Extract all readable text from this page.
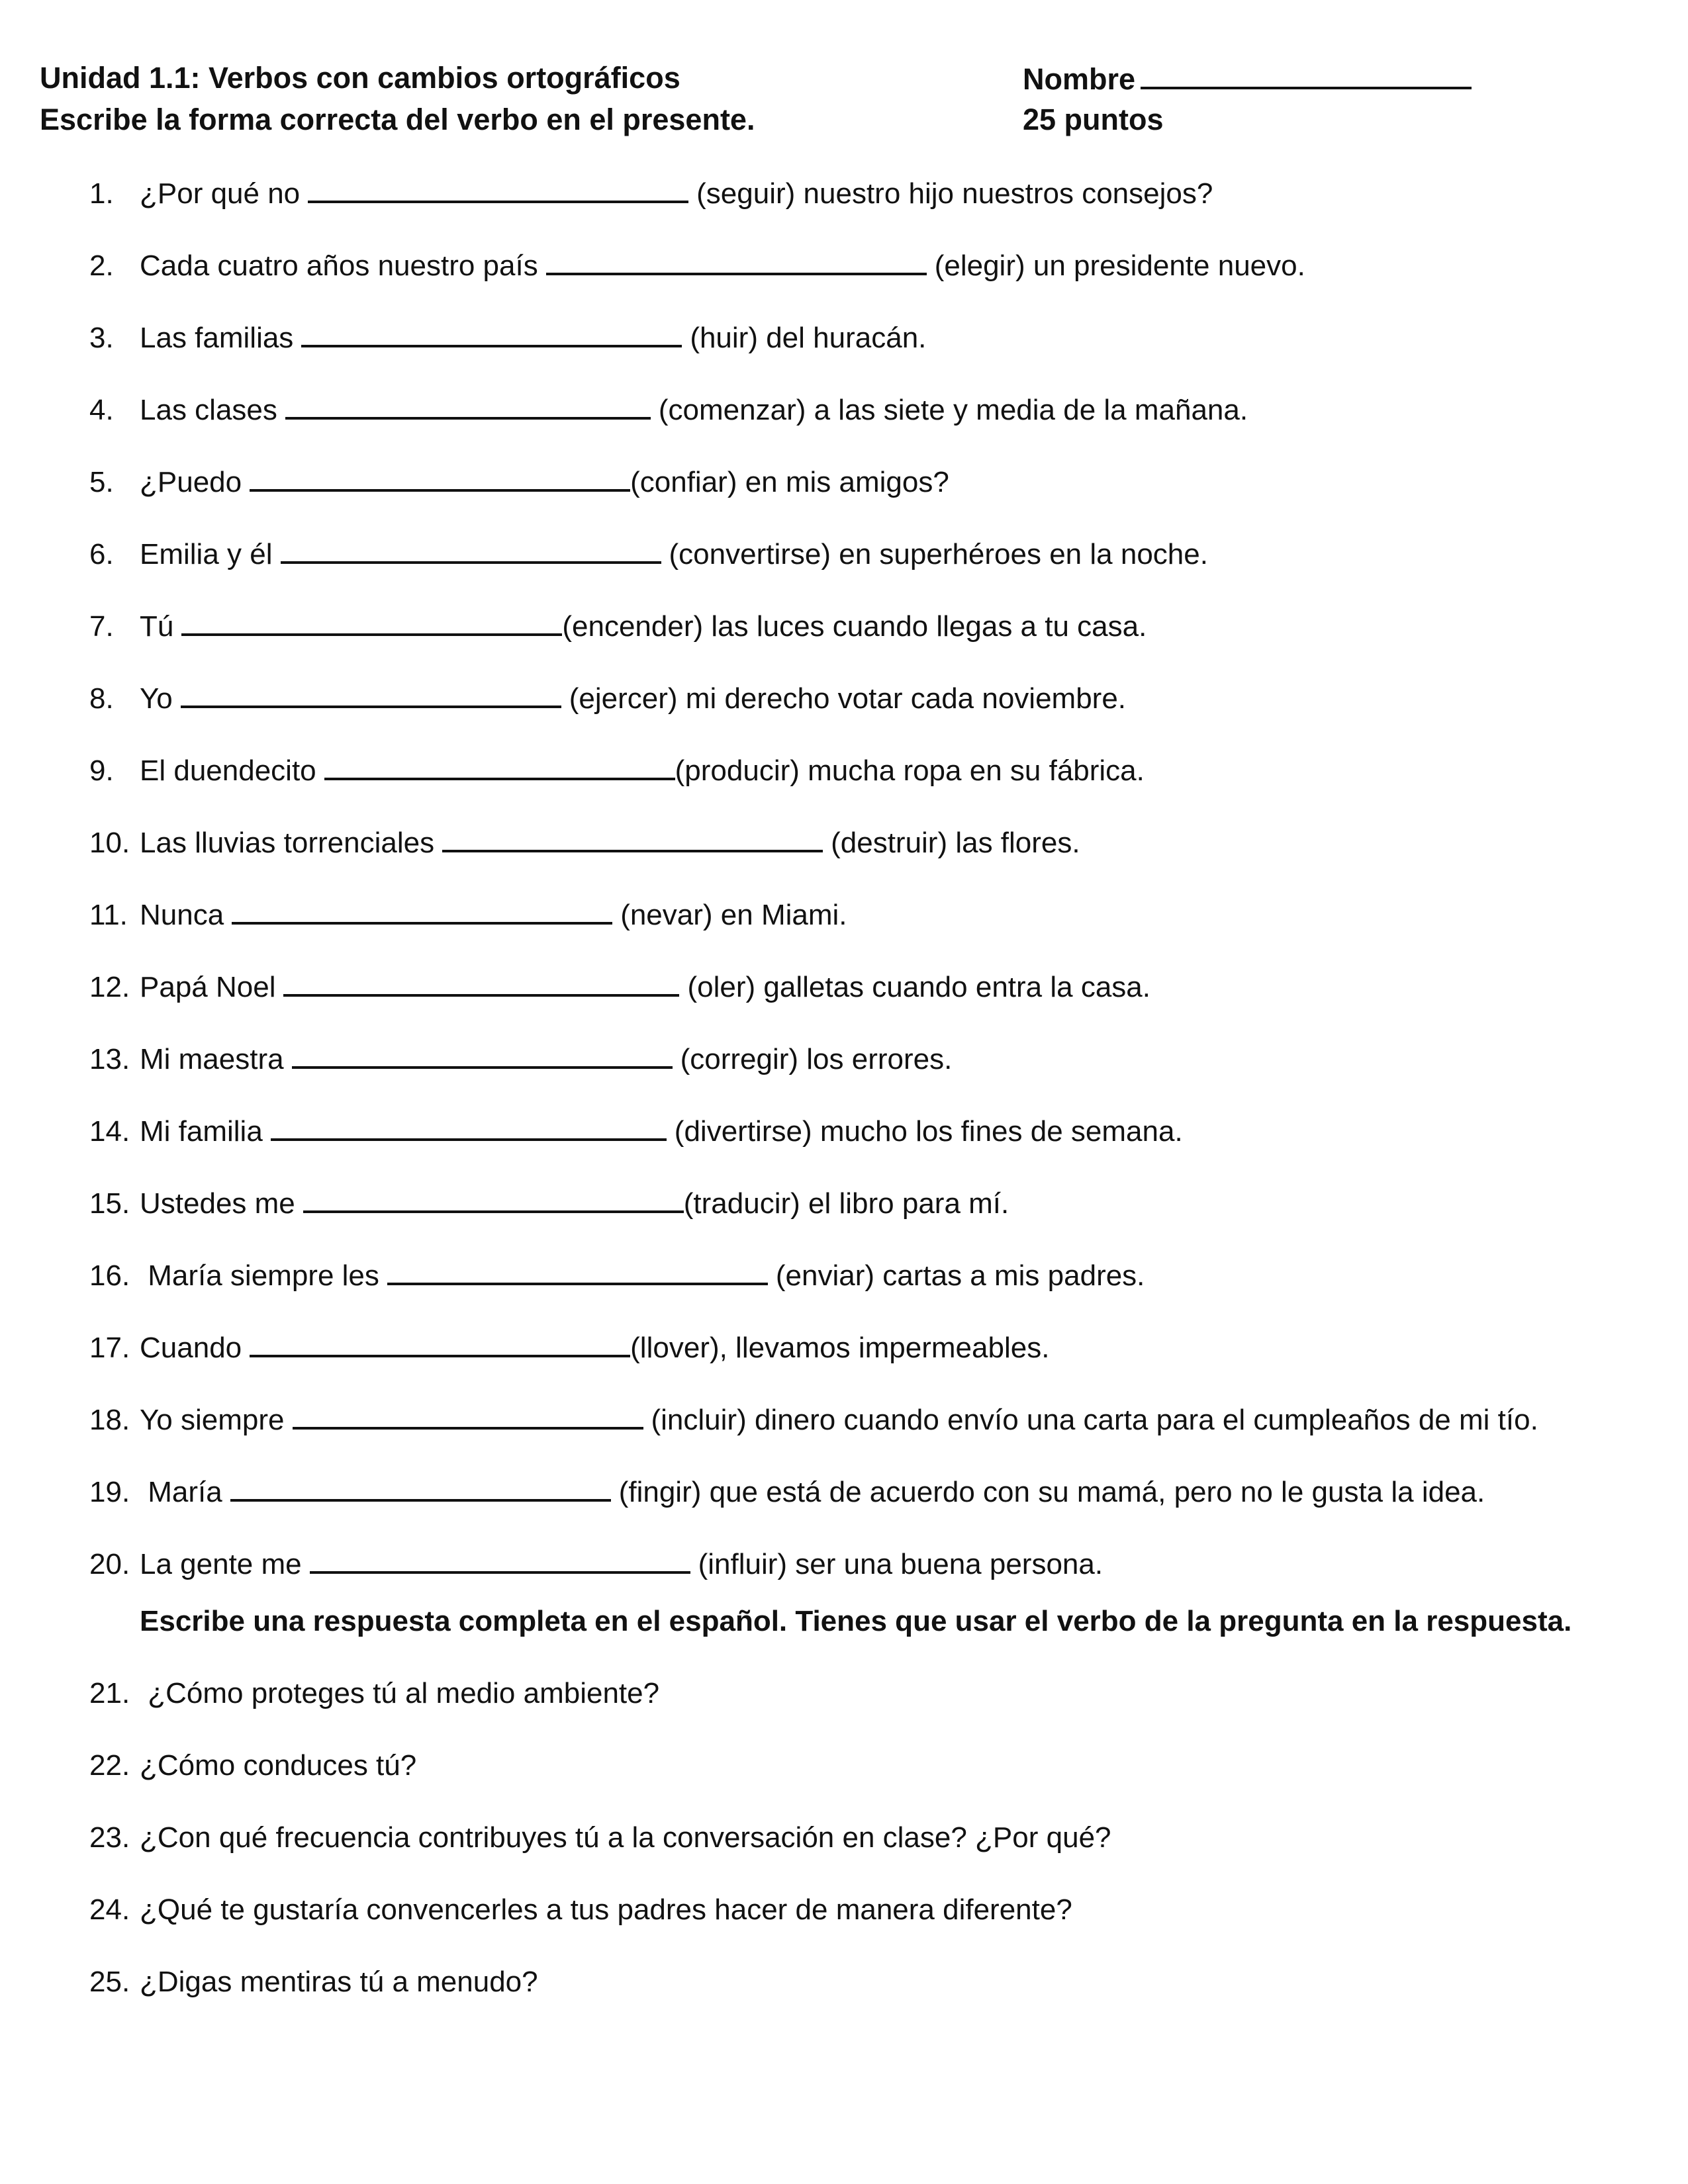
Unidad 1.1: Verbos con cambios ortográficos
Escribe la forma correcta del verbo en el presente.
Nombre
25 puntos
1. ¿Por qué no	(seguir) nuestro hijo nuestros consejos?
2. Cada cuatro años nuestro país	(elegir) un presidente nuevo.
3. Las familias	(huir) del huracán.
4. Las clases	(comenzar) a las siete y media de la mañana.
5. ¿Puedo	(confiar) en mis amigos?
6. Emilia y él	(convertirse) en superhéroes en la noche.
7. Tú	(encender) las luces cuando llegas a tu casa.
8. Yo	(ejercer) mi derecho votar cada noviembre.
9. El duendecito	(producir) mucha ropa en su fábrica.
10. Las lluvias torrenciales	(destruir) las flores.
11. Nunca	(nevar) en Miami.
12. Papá Noel	(oler) galletas cuando entra la casa.
13. Mi maestra	(corregir) los errores.
14. Mi familia	(divertirse) mucho los fines de semana.
15. Ustedes me	(traducir) el libro para mí.
16. María siempre les	(enviar) cartas a mis padres.
17. Cuando	(llover), llevamos impermeables.
18. Yo siempre	(incluir) dinero cuando envío una carta para el cumpleaños de mi tío.
19. María	(fingir) que está de acuerdo con su mamá, pero no le gusta la idea.
20. La gente me	(influir) ser una buena persona.
Escribe una respuesta completa en el español. Tienes que usar el verbo de la pregunta en la respuesta.
21. ¿Cómo proteges tú al medio ambiente?
22. ¿Cómo conduces tú?
23. ¿Con qué frecuencia contribuyes tú a la conversación en clase? ¿Por qué?
24. ¿Qué te gustaría convencerles a tus padres hacer de manera diferente?
25. ¿Digas mentiras tú a menudo?
